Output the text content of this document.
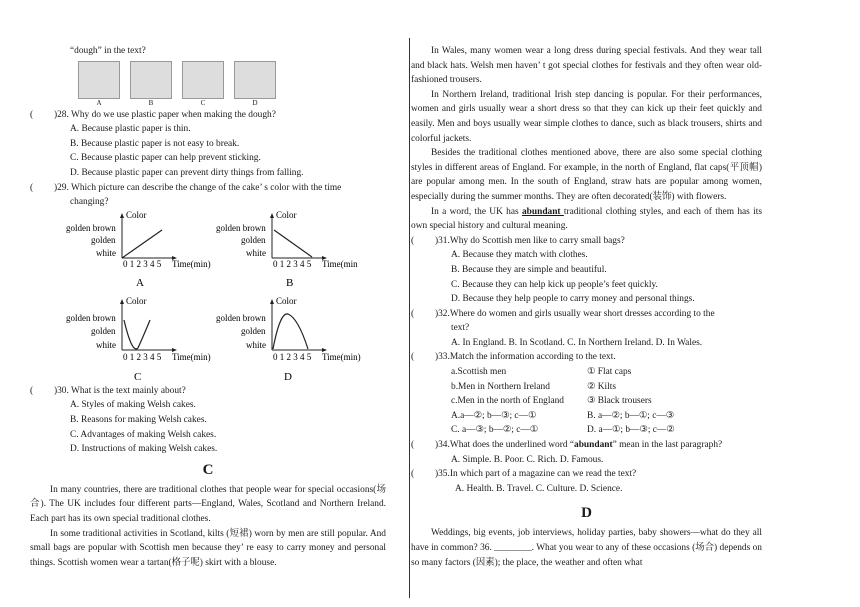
“dough” in the text?
A	B	C	D
(	)28. Why do we use plastic paper when making the dough?
A. Because plastic paper is thin.
B. Because plastic paper is not easy to break.
C. Because plastic paper can help prevent sticking.
D. Because plastic paper can prevent dirty things from falling.
(	)29. Which picture can describe the change of the cake’ s color with the time
changing?
Color
golden brown
golden
white
0 1 2 3 4 5 Time(min)
A
Color
golden brown
golden
white
0 1 2 3 4 5 Time(min
B
Color
golden brown
golden
white
0 1 2 3 4 5 Time(min)
C
Color
golden brown
golden
white
0 1 2 3 4 5 Time(min)
D
(	)30. What is the text mainly about?
A. Styles of making Welsh cakes.
B. Reasons for making Welsh cakes.
C. Advantages of making Welsh cakes.
D. Instructions of making Welsh cakes.
C
In many countries, there are traditional clothes that people wear for special occasions(场合). The UK includes four different parts—England, Wales, Scotland and Northern Ireland. Each part has its own special traditional clothes.
In some traditional activities in Scotland, kilts (短裙) worn by men are still popular. And small bags are popular with Scottish men because they’ re easy to carry money and personal things. Scottish women wear a tartan(格子呢) skirt with a blouse.
In Wales, many women wear a long dress during special festivals. And they wear tall and black hats. Welsh men haven’ t got special clothes for festivals and they often wear old-fashioned trousers.
In Northern Ireland, traditional Irish step dancing is popular. For their performances, women and girls usually wear a short dress so that they can kick up their feet quickly and easily. Men and boys usually wear simple clothes to dance, such as black trousers, shirts and colorful jackets.
Besides the traditional clothes mentioned above, there are also some special clothing styles in different areas of England. For example, in the north of England, flat caps(平顶帽) are popular among men. In the south of England, straw hats are popular among women, especially during the summer months. They are often decorated(装饰) with flowers.
In a word, the UK has abundant traditional clothing styles, and each of them has its own special history and cultural meaning.
(	)31.Why do Scottish men like to carry small bags?
A. Because they match with clothes.
B. Because they are simple and beautiful.
C. Because they can help kick up people’s feet quickly.
D. Because they help people to carry money and personal things.
(	)32.Where do women and girls usually wear short dresses according to the
text?
A. In England. B. In Scotland. C. In Northern Ireland. D. In Wales.
(	)33.Match the information according to the text.
a.Scottish men	① Flat caps
b.Men in Northern Ireland	② Kilts
c.Men in the north of England	③ Black trousers
A.a—②; b—③; c—①	B. a—②; b—①; c—③
C. a—③; b—②; c—①	D. a—①; b—③; c—②
(	)34.What does the underlined word “abundant” mean in the last paragraph?
A. Simple. B. Poor. C. Rich. D. Famous.
(	)35.In which part of a magazine can we read the text?
A. Health. B. Travel. C. Culture. D. Science.
D
Weddings, big events, job interviews, holiday parties, baby showers—what do they all have in common? 36. ________. What you wear to any of these occasions (场合) depends on so many factors (因素); the place, the weather and often what
